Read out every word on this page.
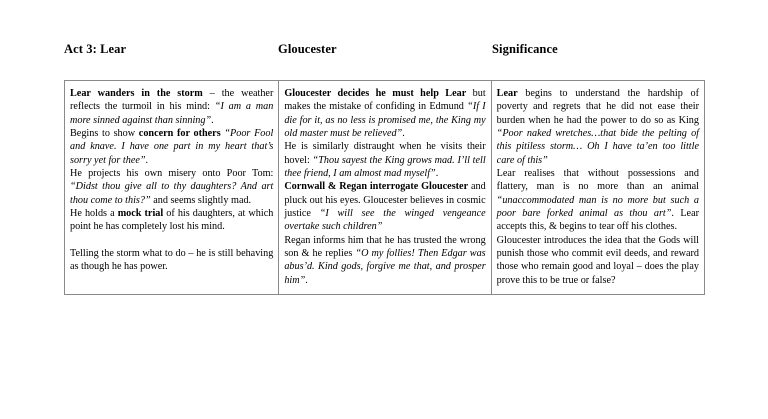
Act 3: Lear	Gloucester	Significance

Lear wanders in the storm – the weather reflects the turmoil in his mind: “I am a man more sinned against than sinning”.

Begins to show concern for others “Poor Fool and knave. I have one part in my heart that’s sorry yet for thee”.

He projects his own misery onto Poor Tom: “Didst thou give all to thy daughters? And art thou come to this?” and seems slightly mad.

He holds a mock trial of his daughters, at which point he has completely lost his mind.

Telling the storm what to do – he is still behaving as though he has power.

Gloucester decides he must help Lear but makes the mistake of confiding in Edmund “If I die for it, as no less is promised me, the King my old master must be relieved”.

He is similarly distraught when he visits their hovel: “Thou sayest the King grows mad. I’ll tell thee friend, I am almost mad myself”.

Cornwall & Regan interrogate Gloucester and pluck out his eyes. Gloucester believes in cosmic justice “I will see the winged vengeance overtake such children”

Regan informs him that he has trusted the wrong son & he replies “O my follies! Then Edgar was abus’d. Kind gods, forgive me that, and prosper him”.

Lear begins to understand the hardship of poverty and regrets that he did not ease their burden when he had the power to do so as King “Poor naked wretches…that bide the pelting of this pitiless storm… Oh I have ta’en too little care of this”

Lear realises that without possessions and flattery, man is no more than an animal “unaccommodated man is no more but such a poor bare forked animal as thou art”. Lear accepts this, & begins to tear off his clothes.

Gloucester introduces the idea that the Gods will punish those who commit evil deeds, and reward those who remain good and loyal – does the play prove this to be true or false?
